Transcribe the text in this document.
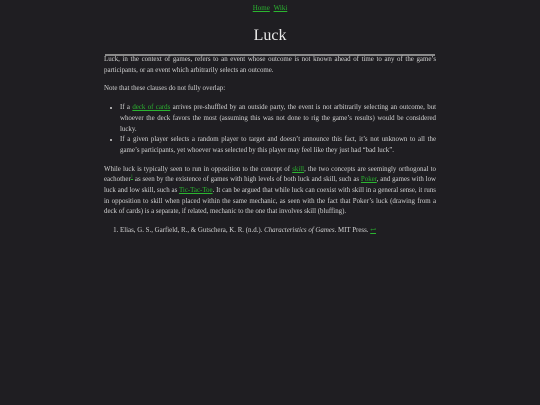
Home Wiki
Luck

Luck, in the context of games, refers to an event whose outcome is not known ahead of time to any of the game’s participants, or an event which arbitrarily selects an outcome.

Note that these clauses do not fully overlap:

• If a deck of cards arrives pre-shuffled by an outside party, the event is not arbitrarily selecting an outcome, but whoever the deck favors the most (assuming this was not done to rig the game’s results) would be considered lucky.
• If a given player selects a random player to target and doesn’t announce this fact, it’s not unknown to all the game’s participants, yet whoever was selected by this player may feel like they just had “bad luck”.

While luck is typically seen to run in opposition to the concept of skill, the two concepts are seemingly orthogonal to eachother$^1$ as seen by the existence of games with high levels of both luck and skill, such as Poker, and games with low luck and low skill, such as Tic-Tac-Toe. It can be argued that while luck can coexist with skill in a general sense, it runs in opposition to skill when placed within the same mechanic, as seen with the fact that Poker’s luck (drawing from a deck of cards) is a separate, if related, mechanic to the one that involves skill (bluffing).

1. Elias, G. S., Garfield, R., & Gutschera, K. R. (n.d.). Characteristics of Games. MIT Press. ↩
